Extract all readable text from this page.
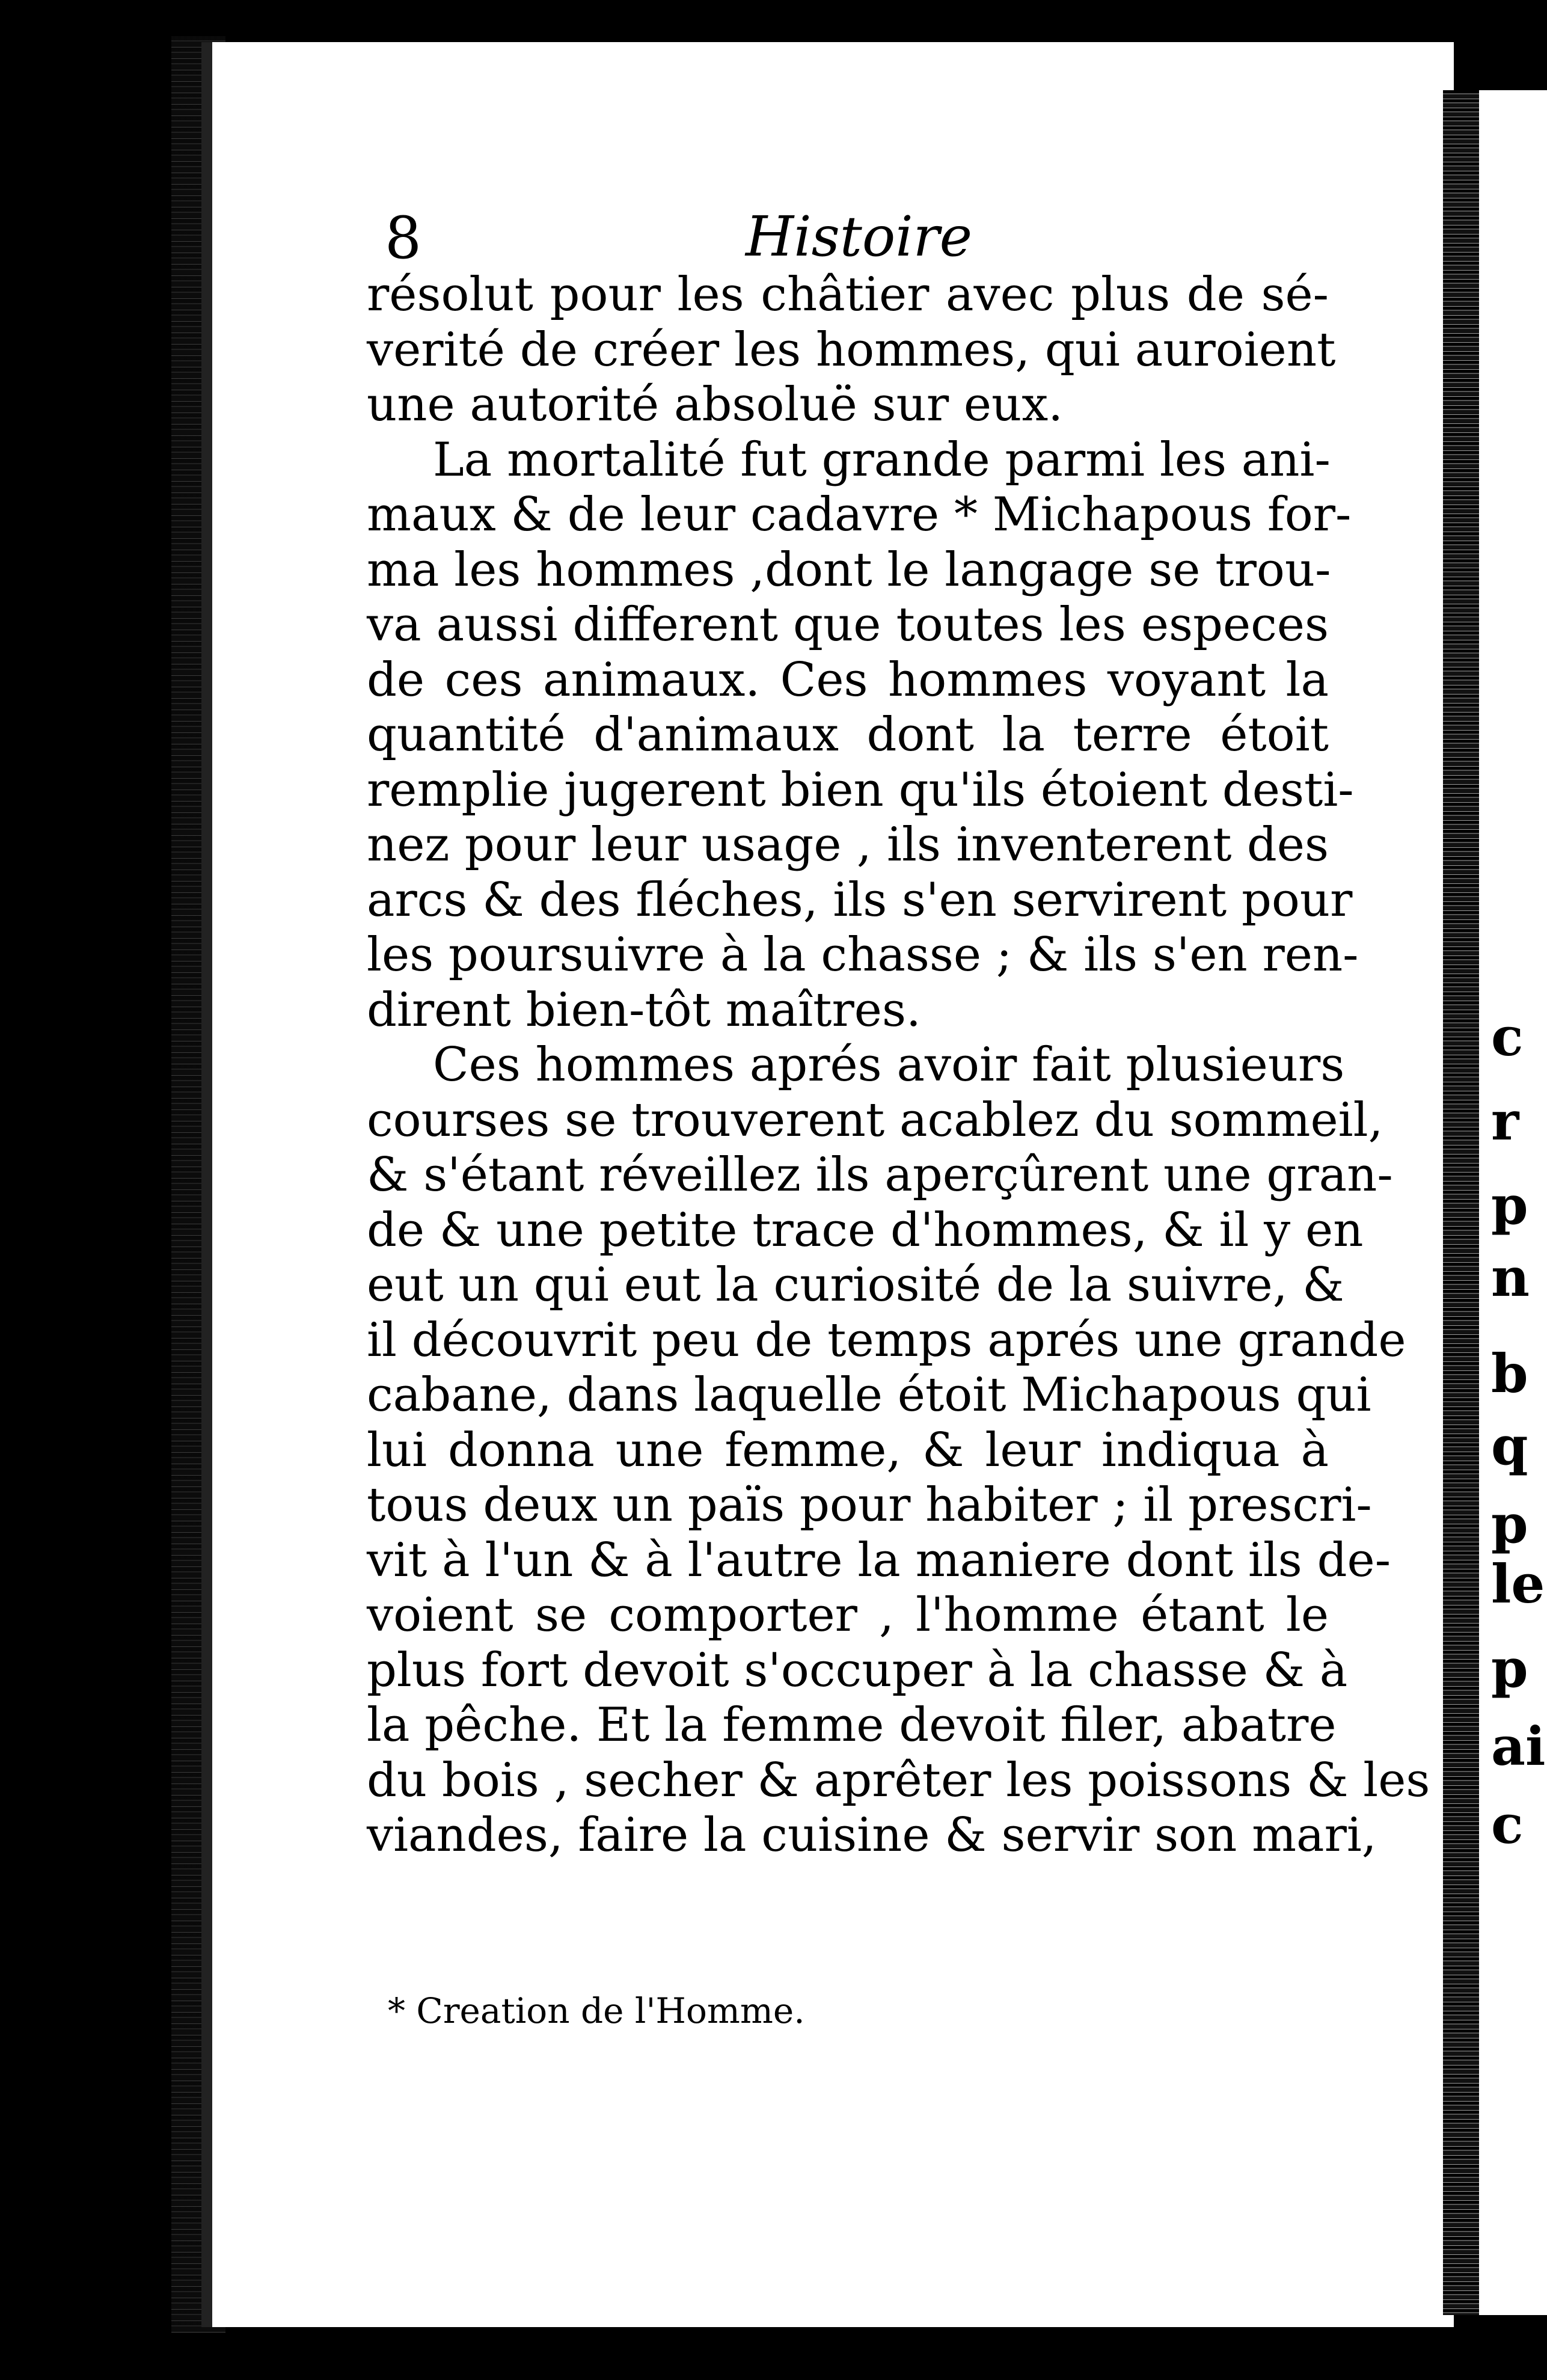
c
r
p
n
b
q
p
le
p
ai
c
8	Histoire
résolut pour les châtier avec plus de sé-
verité de créer les hommes, qui auroient
une autorité absoluë sur eux.
La mortalité fut grande parmi les ani-
maux & de leur cadavre * Michapous for-
ma les hommes ,dont le langage se trou-
va aussi different que toutes les especes
de ces animaux. Ces hommes voyant la
quantité d'animaux dont la terre étoit
remplie jugerent bien qu'ils étoient desti-
nez pour leur usage , ils inventerent des
arcs & des fléches, ils s'en servirent pour
les poursuivre à la chasse ; & ils s'en ren-
dirent bien-tôt maîtres.
Ces hommes aprés avoir fait plusieurs
courses se trouverent acablez du sommeil,
& s'étant réveillez ils aperçûrent une gran-
de & une petite trace d'hommes, & il y en
eut un qui eut la curiosité de la suivre, &
il découvrit peu de temps aprés une grande
cabane, dans laquelle étoit Michapous qui
lui donna une femme, & leur indiqua à
tous deux un païs pour habiter ; il prescri-
vit à l'un & à l'autre la maniere dont ils de-
voient se comporter , l'homme étant le
plus fort devoit s'occuper à la chasse & à
la pêche. Et la femme devoit filer, abatre
du bois , secher & aprêter les poissons & les
viandes, faire la cuisine & servir son mari,
* Creation de l'Homme.
